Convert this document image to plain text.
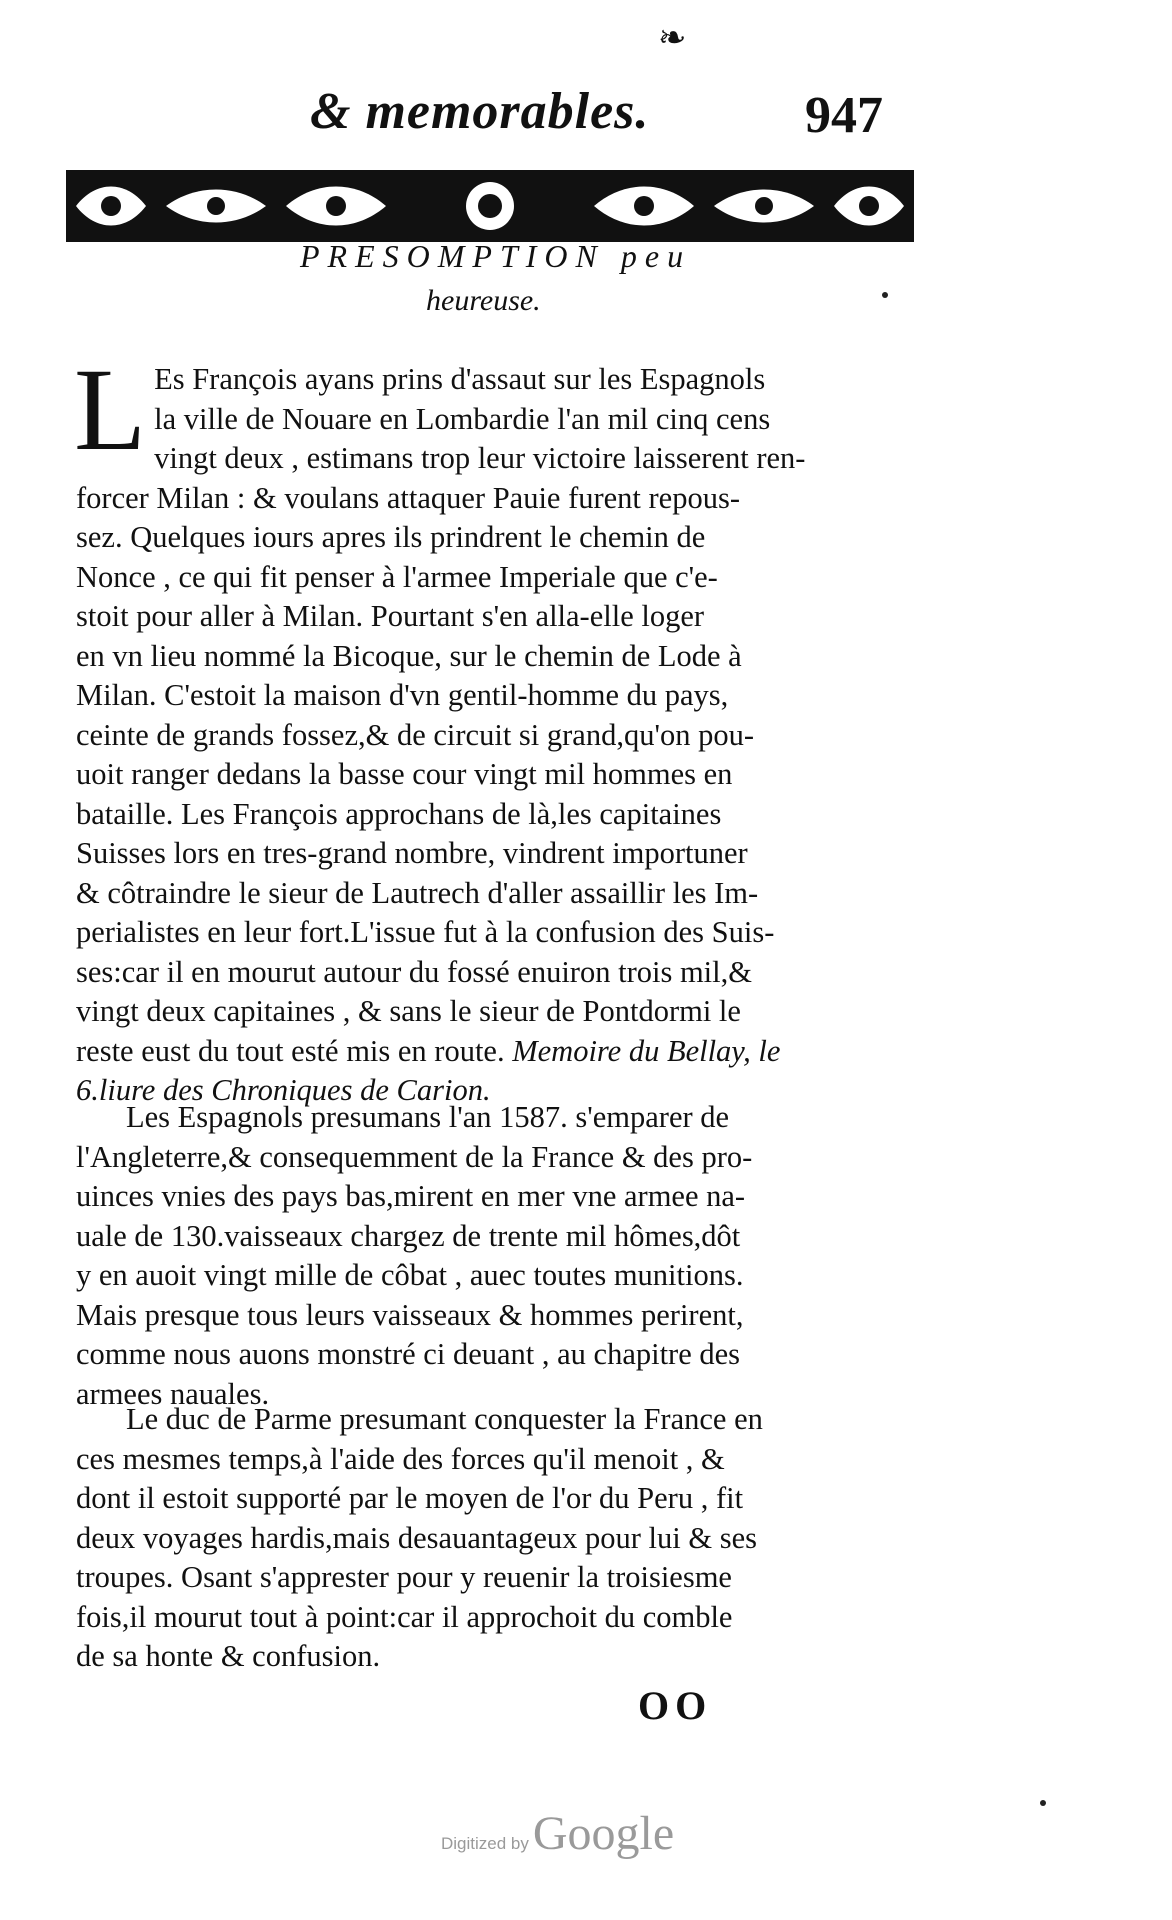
❧
& memorables.	947
PRESOMPTION peu
heureuse.
L Es François ayans prins d'assaut sur les Espagnols
la ville de Nouare en Lombardie l'an mil cinq cens
vingt deux , estimans trop leur victoire laisserent ren-
forcer Milan : & voulans attaquer Pauie furent repous-
sez. Quelques iours apres ils prindrent le chemin de
Nonce , ce qui fit penser à l'armee Imperiale que c'e-
stoit pour aller à Milan. Pourtant s'en alla-elle loger
en vn lieu nommé la Bicoque, sur le chemin de Lode à
Milan. C'estoit la maison d'vn gentil-homme du pays,
ceinte de grands fossez,& de circuit si grand,qu'on pou-
uoit ranger dedans la basse cour vingt mil hommes en
bataille. Les François approchans de là,les capitaines
Suisses lors en tres-grand nombre, vindrent importuner
& côtraindre le sieur de Lautrech d'aller assaillir les Im-
perialistes en leur fort.L'issue fut à la confusion des Suis-
ses:car il en mourut autour du fossé enuiron trois mil,&
vingt deux capitaines , & sans le sieur de Pontdormi le
reste eust du tout esté mis en route. Memoire du Bellay, le
6.liure des Chroniques de Carion.
Les Espagnols presumans l'an 1587. s'emparer de
l'Angleterre,& consequemment de la France & des pro-
uinces vnies des pays bas,mirent en mer vne armee na-
uale de 130.vaisseaux chargez de trente mil hômes,dôt
y en auoit vingt mille de côbat , auec toutes munitions.
Mais presque tous leurs vaisseaux & hommes perirent,
comme nous auons monstré ci deuant , au chapitre des
armees nauales.
Le duc de Parme presumant conquester la France en
ces mesmes temps,à l'aide des forces qu'il menoit , &
dont il estoit supporté par le moyen de l'or du Peru , fit
deux voyages hardis,mais desauantageux pour lui & ses
troupes. Osant s'apprester pour y reuenir la troisiesme
fois,il mourut tout à point:car il approchoit du comble
de sa honte & confusion.
OO
Digitized by Google
